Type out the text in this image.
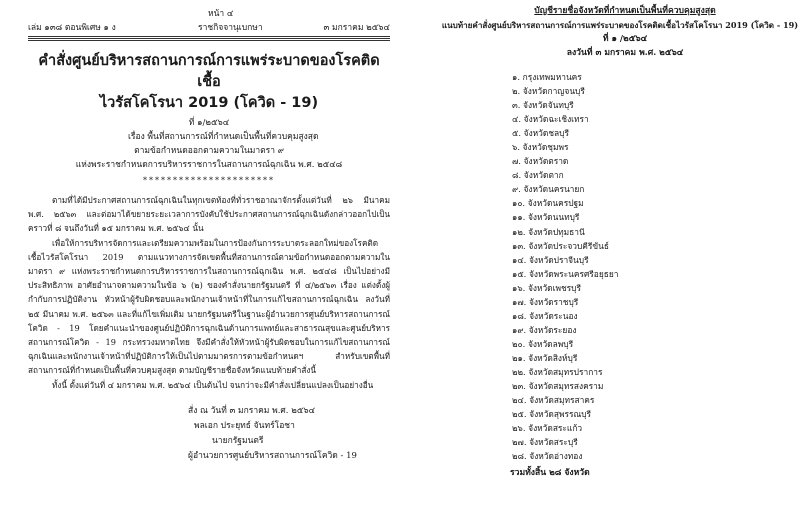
หน้า ๔
เล่ม ๑๓๘ ตอนพิเศษ ๑ ง	ราชกิจจานุเบกษา	๓ มกราคม ๒๕๖๔
คำสั่งศูนย์บริหารสถานการณ์การแพร่ระบาดของโรคติดเชื้อ
ไวรัสโคโรนา 2019 (โควิด - 19)
ที่ ๑/๒๕๖๔
เรื่อง พื้นที่สถานการณ์ที่กำหนดเป็นพื้นที่ควบคุมสูงสุด
ตามข้อกำหนดออกตามความในมาตรา ๙
แห่งพระราชกำหนดการบริหารราชการในสถานการณ์ฉุกเฉิน พ.ศ. ๒๕๔๘
**********************

ตามที่ได้มีประกาศสถานการณ์ฉุกเฉินในทุกเขตท้องที่ทั่วราชอาณาจักรตั้งแต่วันที่ ๒๖ มีนาคม พ.ศ. ๒๕๖๓ และต่อมาได้ขยายระยะเวลาการบังคับใช้ประกาศสถานการณ์ฉุกเฉินดังกล่าวออกไปเป็นคราวที่ ๘ จนถึงวันที่ ๑๕ มกราคม พ.ศ. ๒๕๖๔ นั้น

เพื่อให้การบริหารจัดการและเตรียมความพร้อมในการป้องกันการระบาดระลอกใหม่ของโรคติดเชื้อไวรัสโคโรนา 2019 ตามแนวทางการจัดเขตพื้นที่สถานการณ์ตามข้อกำหนดออกตามความในมาตรา ๙ แห่งพระราชกำหนดการบริหารราชการในสถานการณ์ฉุกเฉิน พ.ศ. ๒๕๔๘ เป็นไปอย่างมีประสิทธิภาพ อาศัยอำนาจตามความในข้อ ๖ (๒) ของคำสั่งนายกรัฐมนตรี ที่ ๔/๒๕๖๓ เรื่อง แต่งตั้งผู้กำกับการปฏิบัติงาน หัวหน้าผู้รับผิดชอบและพนักงานเจ้าหน้าที่ในการแก้ไขสถานการณ์ฉุกเฉิน ลงวันที่ ๒๕ มีนาคม พ.ศ. ๒๕๖๓ และที่แก้ไขเพิ่มเติม นายกรัฐมนตรีในฐานะผู้อำนวยการศูนย์บริหารสถานการณ์โควิด - 19 โดยคำแนะนำของศูนย์ปฏิบัติการฉุกเฉินด้านการแพทย์และสาธารณสุขและศูนย์บริหารสถานการณ์โควิด - 19 กระทรวงมหาดไทย จึงมีคำสั่งให้หัวหน้าผู้รับผิดชอบในการแก้ไขสถานการณ์ฉุกเฉินและพนักงานเจ้าหน้าที่ปฏิบัติการให้เป็นไปตามมาตรการตามข้อกำหนดฯ สำหรับเขตพื้นที่สถานการณ์ที่กำหนดเป็นพื้นที่ควบคุมสูงสุด ตามบัญชีรายชื่อจังหวัดแนบท้ายคำสั่งนี้

ทั้งนี้ ตั้งแต่วันที่ ๔ มกราคม พ.ศ. ๒๕๖๔ เป็นต้นไป จนกว่าจะมีคำสั่งเปลี่ยนแปลงเป็นอย่างอื่น

สั่ง ณ วันที่ ๓ มกราคม พ.ศ. ๒๕๖๔
พลเอก ประยุทธ์ จันทร์โอชา
นายกรัฐมนตรี
ผู้อำนวยการศูนย์บริหารสถานการณ์โควิด - 19
บัญชีรายชื่อจังหวัดที่กำหนดเป็นพื้นที่ควบคุมสูงสุด
แนบท้ายคำสั่งศูนย์บริหารสถานการณ์การแพร่ระบาดของโรคติดเชื้อไวรัสโคโรนา 2019 (โควิด - 19)
ที่ ๑ /๒๕๖๔
ลงวันที่ ๓ มกราคม พ.ศ. ๒๕๖๔
๑. กรุงเทพมหานคร
๒. จังหวัดกาญจนบุรี
๓. จังหวัดจันทบุรี
๔. จังหวัดฉะเชิงเทรา
๕. จังหวัดชลบุรี
๖. จังหวัดชุมพร
๗. จังหวัดตราด
๘. จังหวัดตาก
๙. จังหวัดนครนายก
๑๐. จังหวัดนครปฐม
๑๑. จังหวัดนนทบุรี
๑๒. จังหวัดปทุมธานี
๑๓. จังหวัดประจวบคีรีขันธ์
๑๔. จังหวัดปราจีนบุรี
๑๕. จังหวัดพระนครศรีอยุธยา
๑๖. จังหวัดเพชรบุรี
๑๗. จังหวัดราชบุรี
๑๘. จังหวัดระนอง
๑๙. จังหวัดระยอง
๒๐. จังหวัดลพบุรี
๒๑. จังหวัดสิงห์บุรี
๒๒. จังหวัดสมุทรปราการ
๒๓. จังหวัดสมุทรสงคราม
๒๔. จังหวัดสมุทรสาคร
๒๕. จังหวัดสุพรรณบุรี
๒๖. จังหวัดสระแก้ว
๒๗. จังหวัดสระบุรี
๒๘. จังหวัดอ่างทอง
รวมทั้งสิ้น ๒๘ จังหวัด
